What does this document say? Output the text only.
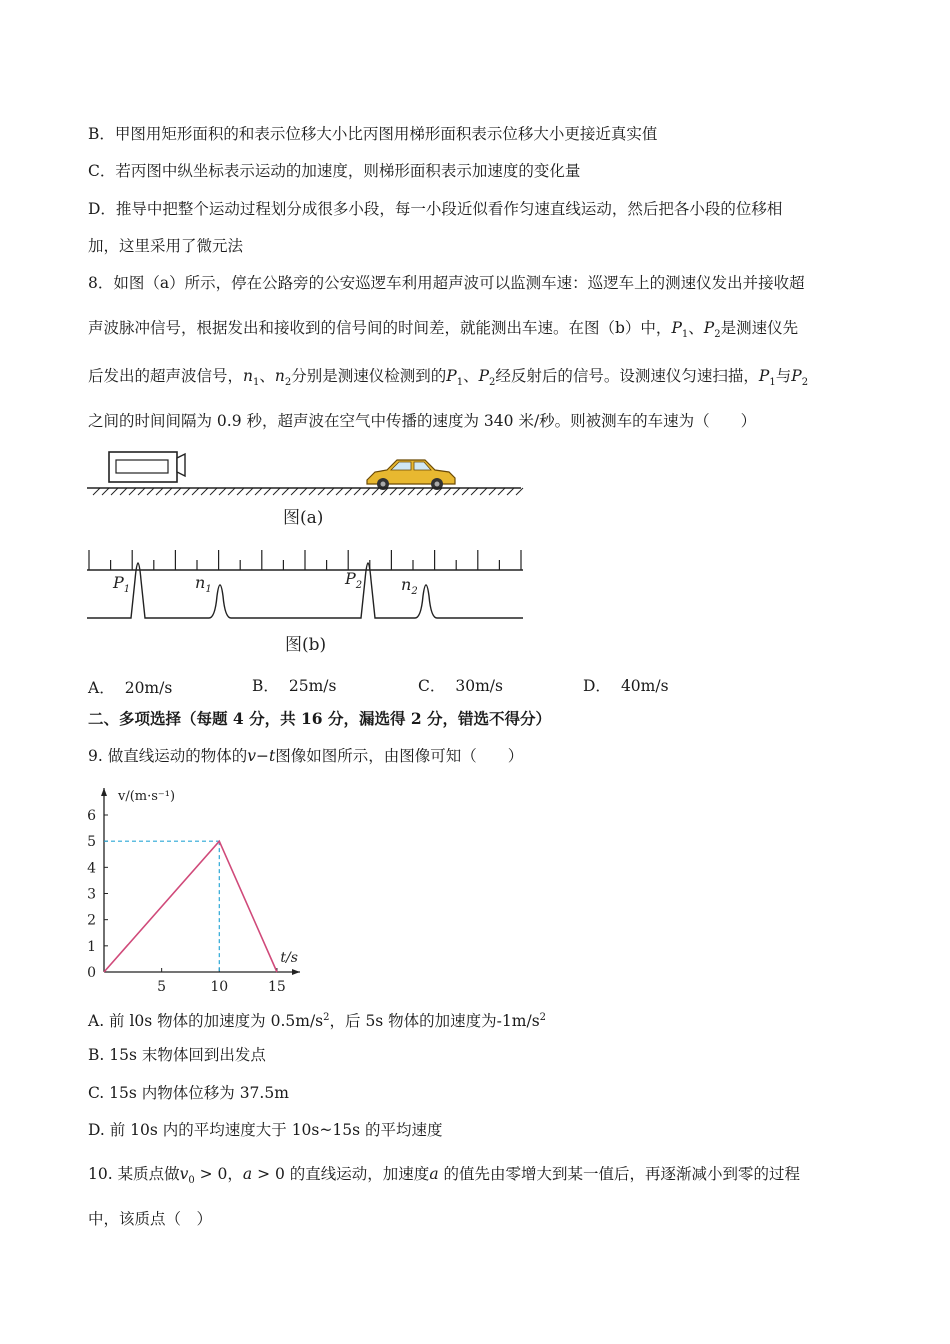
B．甲图用矩形面积的和表示位移大小比丙图用梯形面积表示位移大小更接近真实值
C．若丙图中纵坐标表示运动的加速度，则梯形面积表示加速度的变化量
D．推导中把整个运动过程划分成很多小段，每一小段近似看作匀速直线运动，然后把各小段的位移相
加，这里采用了微元法
8．如图（a）所示，停在公路旁的公安巡逻车利用超声波可以监测车速：巡逻车上的测速仪发出并接收超
声波脉冲信号，根据发出和接收到的信号间的时间差，就能测出车速。在图（b）中，$P_1$、$P_2$是测速仪先
后发出的超声波信号，$n_1$、$n_2$分别是测速仪检测到的$P_1$、$P_2$经反射后的信号。设测速仪匀速扫描，$P_1$与$P_2$
之间的时间间隔为 0.9 秒，超声波在空气中传播的速度为 340 米/秒。则被测车的车速为（　　）
图(a)
$P_1$	$n_1$
$P_2$ $n_2$
图(b)
A． 20m/s	B． 25m/s	C． 30m/s	D． 40m/s
二、多项选择（每题 4 分，共 16 分，漏选得 2 分，错选不得分）
9. 做直线运动的物体的v−t图像如图所示，由图像可知（　　）
0
1
2
3
4
5
6
5	10	15
v/(m·s⁻¹)
t/s
A. 前 l0s 物体的加速度为 $0.5m/s^2$，后 5s 物体的加速度为$-1m/s^2$
B. 15s 末物体回到出发点
C. 15s 内物体位移为 37.5m
D. 前 10s 内的平均速度大于 10s~15s 的平均速度
10. 某质点做$v_0 > 0$，a > 0 的直线运动，加速度a 的值先由零增大到某一值后，再逐渐减小到零的过程
中，该质点（　）
